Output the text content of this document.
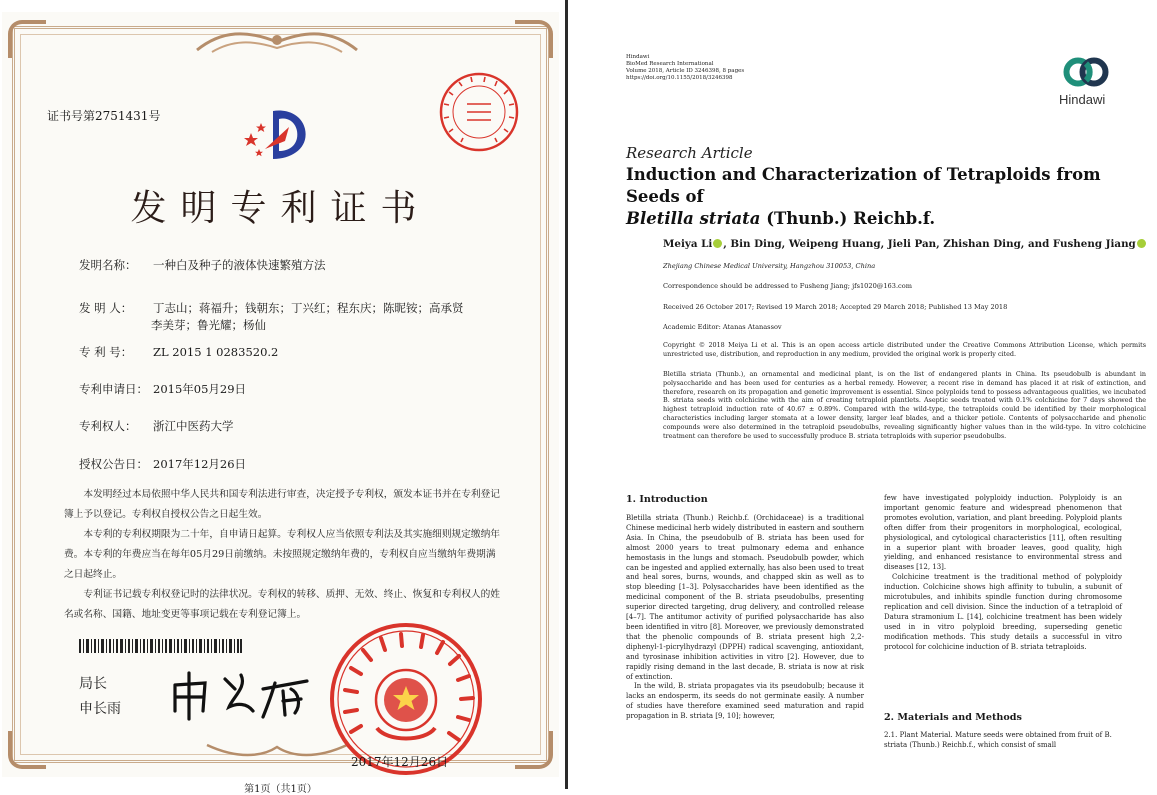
证书号第2751431号
发明专利证书
发明名称： 一种白及种子的液体快速繁殖方法
发 明 人： 丁志山；蒋福升；钱朝东；丁兴红；程东庆；陈昵铵；高承贤
李美芽；鲁光耀；杨仙
专 利 号： ZL 2015 1 0283520.2
专利申请日： 2015年05月29日
专利权人： 浙江中医药大学
授权公告日： 2017年12月26日
本发明经过本局依照中华人民共和国专利法进行审查，决定授予专利权，颁发本证书并在专利登记簿上予以登记。专利权自授权公告之日起生效。
本专利的专利权期限为二十年，自申请日起算。专利权人应当依照专利法及其实施细则规定缴纳年费。本专利的年费应当在每年05月29日前缴纳。未按照规定缴纳年费的，专利权自应当缴纳年费期满之日起终止。
专利证书记载专利权登记时的法律状况。专利权的转移、质押、无效、终止、恢复和专利权人的姓名或名称、国籍、地址变更等事项记载在专利登记簿上。
局长
申长雨
2017年12月26日
第1页（共1页）
Hindawi
BioMed Research International
Volume 2018, Article ID 3246398, 8 pages
https://doi.org/10.1155/2018/3246398
Hindawi
Research Article
Induction and Characterization of Tetraploids from Seeds of
Bletilla striata (Thunb.) Reichb.f.
Meiya Li , Bin Ding, Weipeng Huang, Jieli Pan, Zhishan Ding, and Fusheng Jiang
Zhejiang Chinese Medical University, Hangzhou 310053, China
Correspondence should be addressed to Fusheng Jiang; jfs1020@163.com
Received 26 October 2017; Revised 19 March 2018; Accepted 29 March 2018; Published 13 May 2018
Academic Editor: Atanas Atanassov
Copyright © 2018 Meiya Li et al. This is an open access article distributed under the Creative Commons Attribution License, which permits unrestricted use, distribution, and reproduction in any medium, provided the original work is properly cited.
Bletilla striata (Thunb.), an ornamental and medicinal plant, is on the list of endangered plants in China. Its pseudobulb is abundant in polysaccharide and has been used for centuries as a herbal remedy. However, a recent rise in demand has placed it at risk of extinction, and therefore, research on its propagation and genetic improvement is essential. Since polyploids tend to possess advantageous qualities, we incubated B. striata seeds with colchicine with the aim of creating tetraploid plantlets. Aseptic seeds treated with 0.1% colchicine for 7 days showed the highest tetraploid induction rate of 40.67 ± 0.89%. Compared with the wild-type, the tetraploids could be identified by their morphological characteristics including larger stomata at a lower density, larger leaf blades, and a thicker petiole. Contents of polysaccharide and phenolic compounds were also determined in the tetraploid pseudobulbs, revealing significantly higher values than in the wild-type. In vitro colchicine treatment can therefore be used to successfully produce B. striata tetraploids with superior pseudobulbs.
1. Introduction

Bletilla striata (Thunb.) Reichb.f. (Orchidaceae) is a traditional Chinese medicinal herb widely distributed in eastern and southern Asia. In China, the pseudobulb of B. striata has been used for almost 2000 years to treat pulmonary edema and enhance hemostasis in the lungs and stomach. Pseudobulb powder, which can be ingested and applied externally, has also been used to treat and heal sores, burns, wounds, and chapped skin as well as to stop bleeding [1–3]. Polysaccharides have been identified as the medicinal component of the B. striata pseudobulbs, presenting superior directed targeting, drug delivery, and controlled release [4–7]. The antitumor activity of purified polysaccharide has also been identified in vitro [8]. Moreover, we previously demonstrated that the phenolic compounds of B. striata present high 2,2-diphenyl-1-picrylhydrazyl (DPPH) radical scavenging, antioxidant, and tyrosinase inhibition activities in vitro [2]. However, due to rapidly rising demand in the last decade, B. striata is now at risk of extinction.

In the wild, B. striata propagates via its pseudobulb; because it lacks an endosperm, its seeds do not germinate easily. A number of studies have therefore examined seed maturation and rapid propagation in B. striata [9, 10]; however,

few have investigated polyploidy induction. Polyploidy is an important genomic feature and widespread phenomenon that promotes evolution, variation, and plant breeding. Polyploid plants often differ from their progenitors in morphological, ecological, physiological, and cytological characteristics [11], often resulting in a superior plant with broader leaves, good quality, high yielding, and enhanced resistance to environmental stress and diseases [12, 13].

Colchicine treatment is the traditional method of polyploidy induction. Colchicine shows high affinity to tubulin, a subunit of microtubules, and inhibits spindle function during chromosome replication and cell division. Since the induction of a tetraploid of Datura stramonium L. [14], colchicine treatment has been widely used in in vitro polyploid breeding, superseding genetic modification methods. This study details a successful in vitro protocol for colchicine induction of B. striata tetraploids.

2. Materials and Methods
2.1. Plant Material. Mature seeds were obtained from fruit of B. striata (Thunb.) Reichb.f., which consist of small
